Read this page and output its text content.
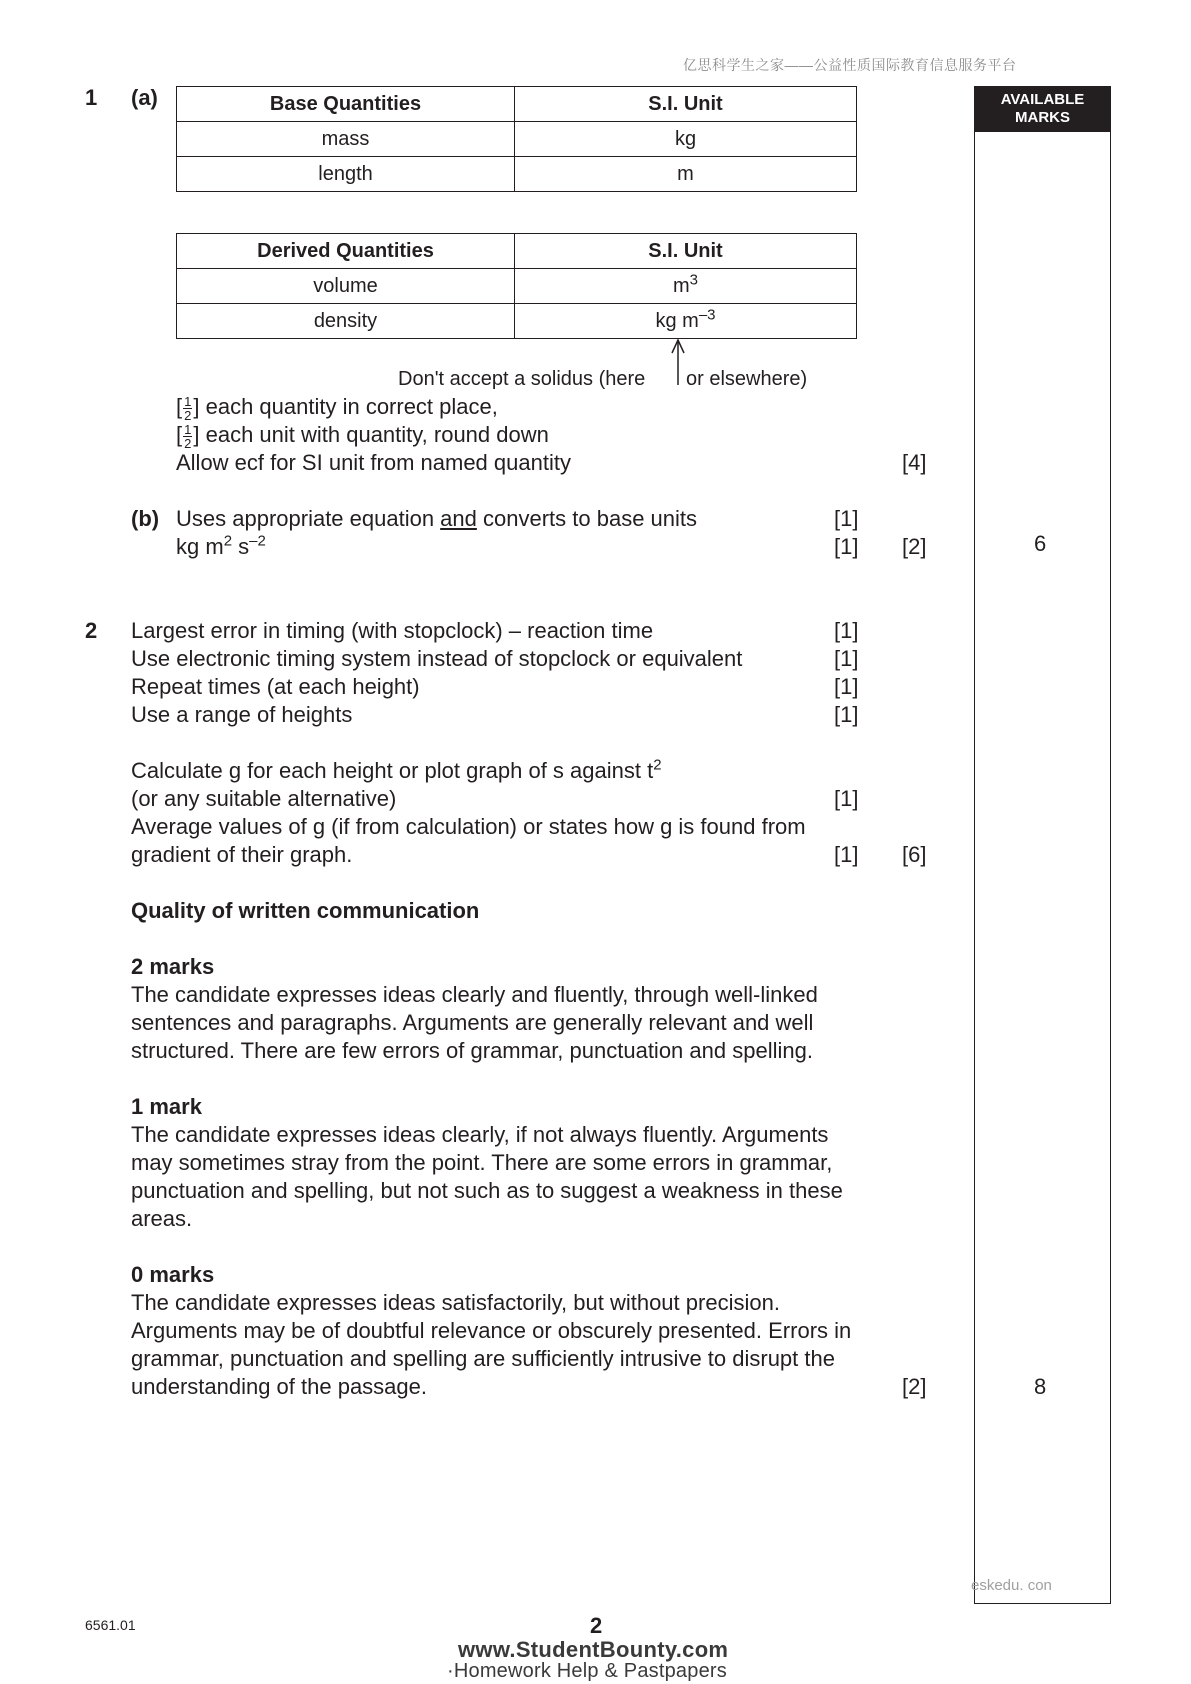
亿思科学生之家——公益性质国际教育信息服务平台
AVAILABLE
MARKS
6
8
1 (a)	Base Quantities	S.I. Unit
mass	kg
length	m
Derived Quantities	S.I. Unit
volume	$m^3$
density	kg $m^{-3}$
Don't accept a solidus (here or elsewhere)
[ $\frac{1}{2}$ ] each quantity in correct place,
[ $\frac{1}{2}$ ] each unit with quantity, round down
Allow ecf for SI unit from named quantity	[4]
(b) Uses appropriate equation and converts to base units	[1]
kg $m^2$ $s^{-2}$	[1] [2]
2 Largest error in timing (with stopclock) – reaction time	[1]
Use electronic timing system instead of stopclock or equivalent	[1]
Repeat times (at each height)	[1]
Use a range of heights	[1]
Calculate g for each height or plot graph of s against $t^2$
(or any suitable alternative)	[1]
Average values of g (if from calculation) or states how g is found from
gradient of their graph.	[1] [6]
Quality of written communication
2 marks
The candidate expresses ideas clearly and fluently, through well-linked
sentences and paragraphs. Arguments are generally relevant and well
structured. There are few errors of grammar, punctuation and spelling.
1 mark
The candidate expresses ideas clearly, if not always fluently. Arguments
may sometimes stray from the point. There are some errors in grammar,
punctuation and spelling, but not such as to suggest a weakness in these
areas.
0 marks
The candidate expresses ideas satisfactorily, but without precision.
Arguments may be of doubtful relevance or obscurely presented. Errors in
grammar, punctuation and spelling are sufficiently intrusive to disrupt the
understanding of the passage.	[2]
eskedu. con
6561.01	2
www.StudentBounty.com
·Homework Help & Pastpapers
